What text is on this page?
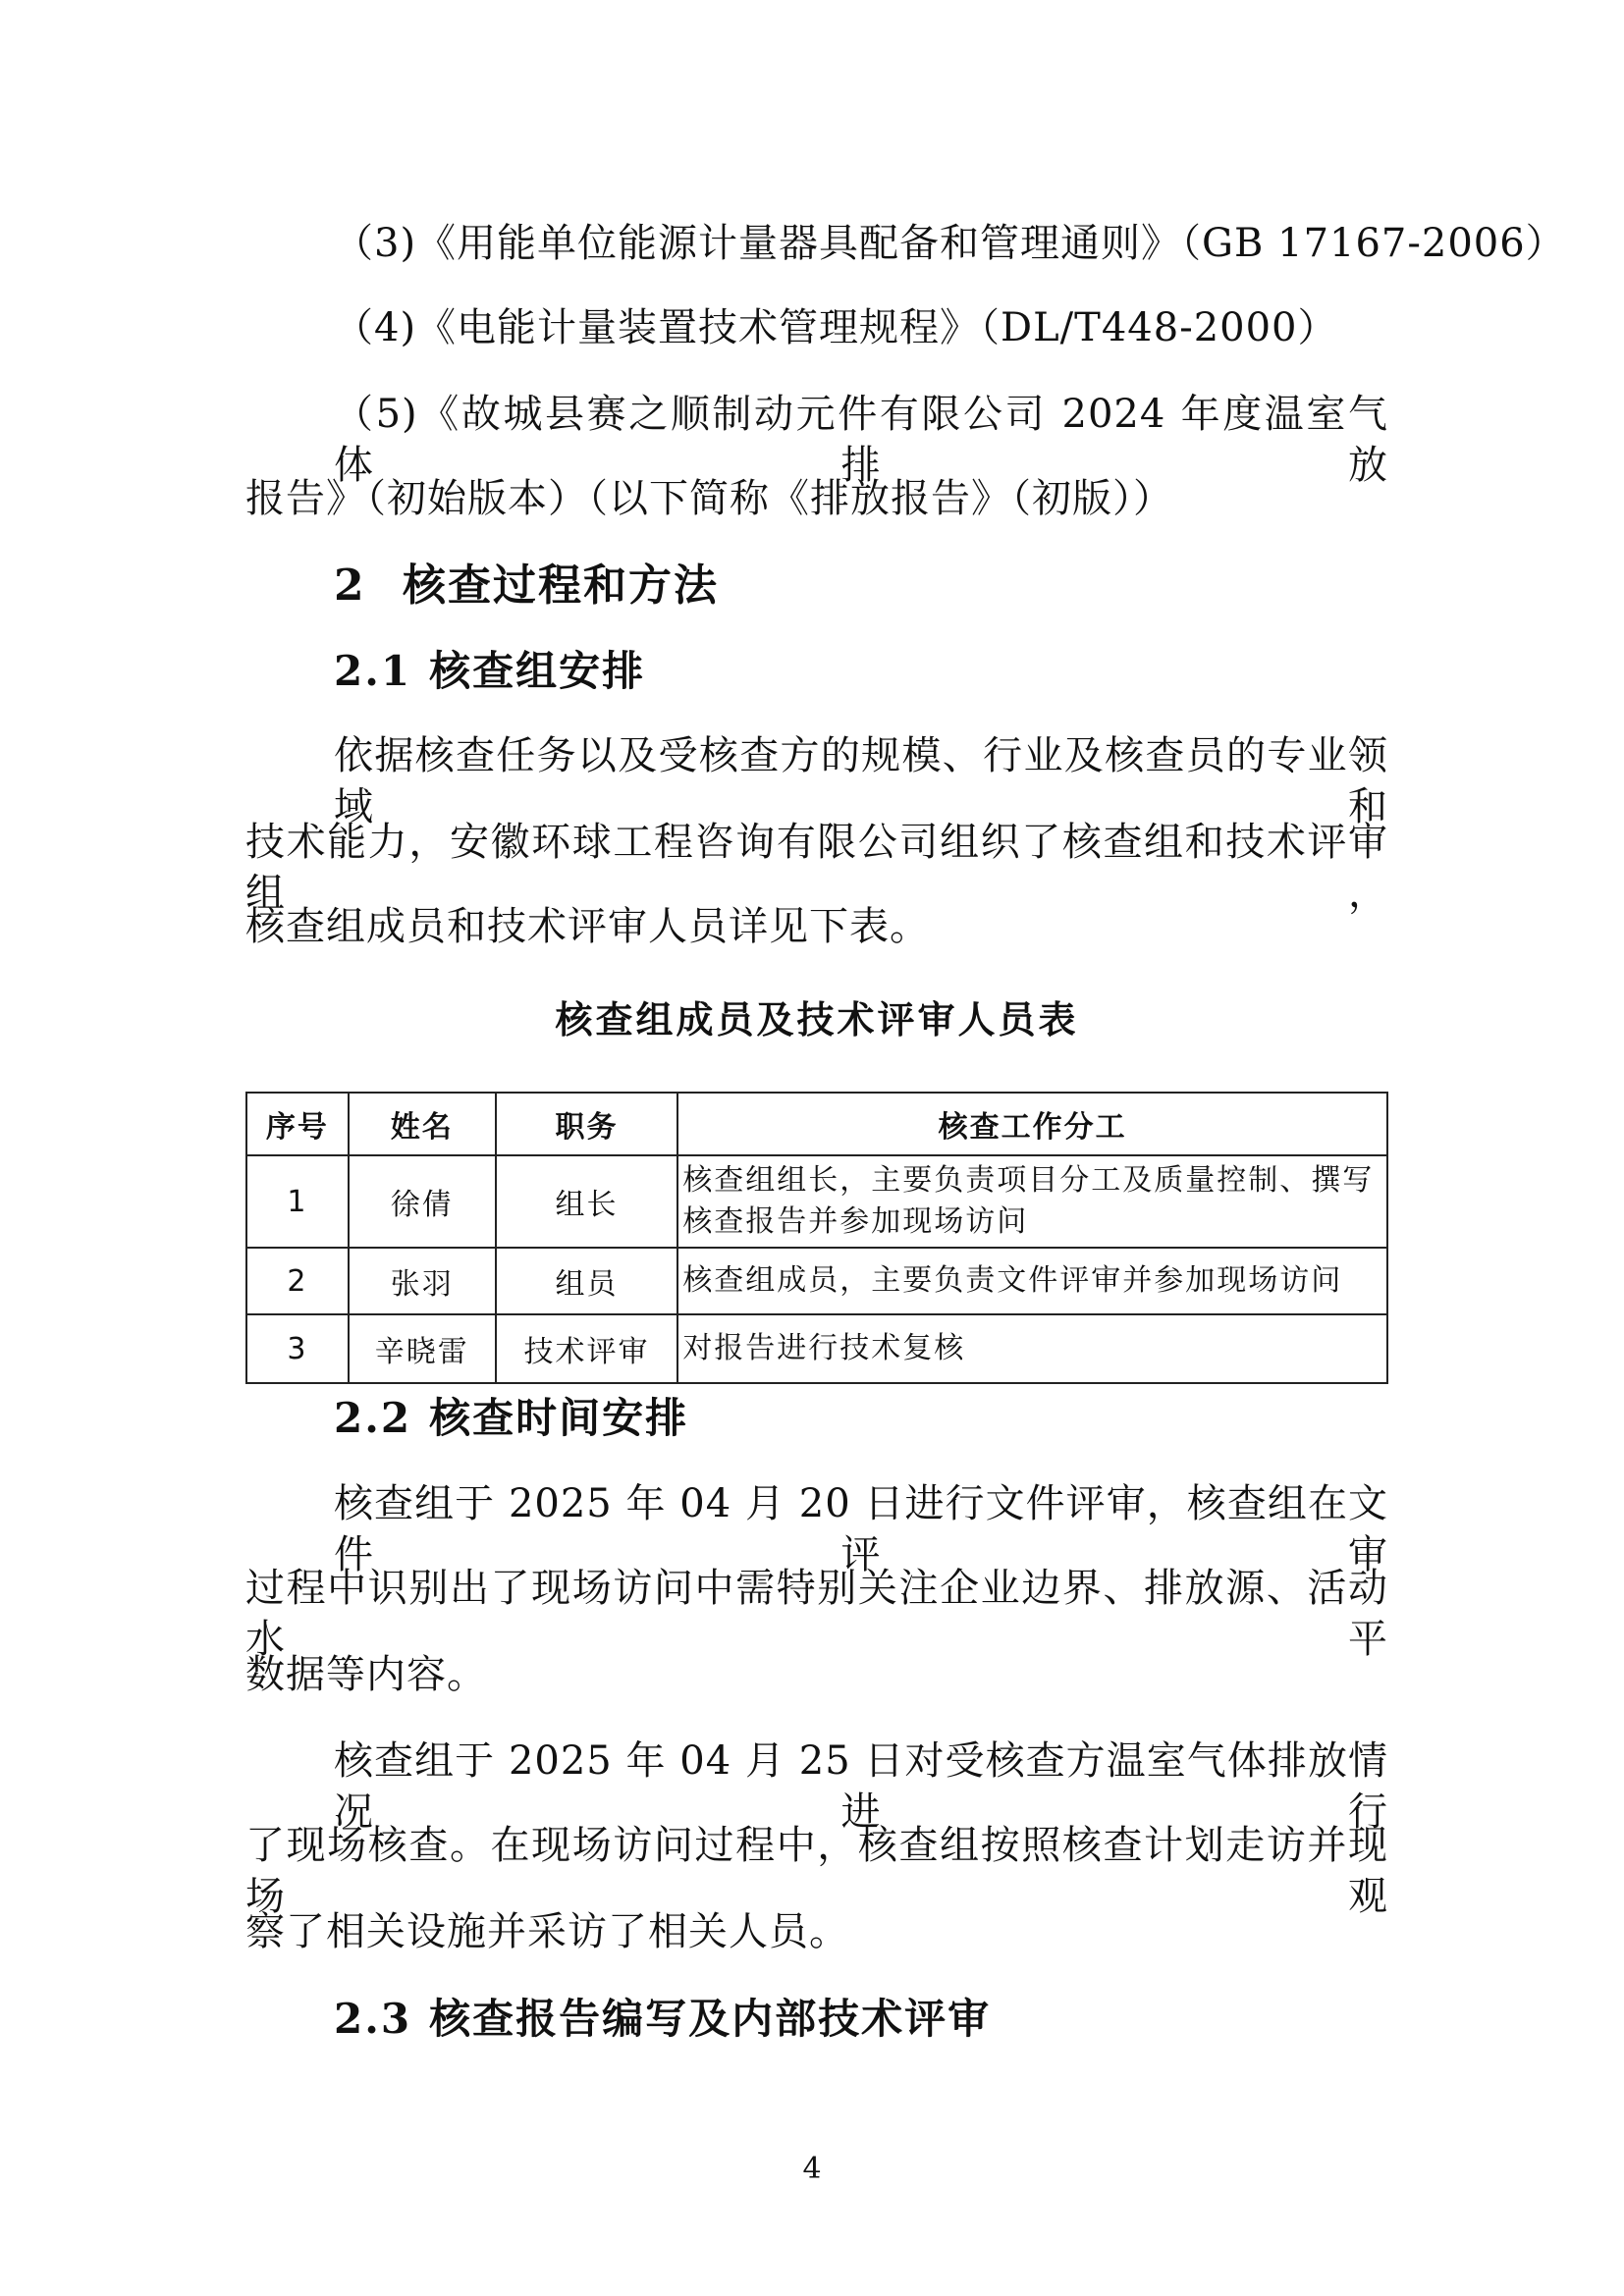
（3)《用能单位能源计量器具配备和管理通则》（GB 17167-2006）
（4)《电能计量装置技术管理规程》（DL/T448-2000）
（5)《故城县赛之顺制动元件有限公司 2024 年度温室气体排放
报告》（初始版本）（以下简称《排放报告》（初版））
2 核查过程和方法
2.1 核查组安排
依据核查任务以及受核查方的规模、行业及核查员的专业领域和
技术能力，安徽环球工程咨询有限公司组织了核查组和技术评审组，
核查组成员和技术评审人员详见下表。
核查组成员及技术评审人员表
序号	姓名	职务	核查工作分工
1	徐倩	组长	核查组组长，主要负责项目分工及质量控制、撰写核查报告并参加现场访问
2	张羽	组员	核查组成员，主要负责文件评审并参加现场访问
3	辛晓雷	技术评审	对报告进行技术复核
2.2 核查时间安排
核查组于 2025 年 04 月 20 日进行文件评审，核查组在文件评审
过程中识别出了现场访问中需特别关注企业边界、排放源、活动水平
数据等内容。
核查组于 2025 年 04 月 25 日对受核查方温室气体排放情况进行
了现场核查。在现场访问过程中，核查组按照核查计划走访并现场观
察了相关设施并采访了相关人员。
2.3 核查报告编写及内部技术评审
4
